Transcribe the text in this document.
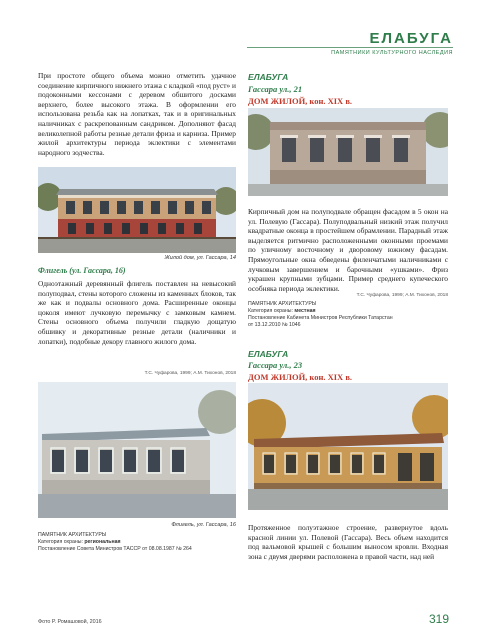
ЕЛАБУГА
ПАМЯТНИКИ КУЛЬТУРНОГО НАСЛЕДИЯ
При простоте общего объема можно отметить удачное соединение кирпичного нижнего этажа с кладкой «под руст» и подоконными кессонами с деревом обшитого досками верхнего, более высокого этажа. В оформлении его использована резьба как на лопатках, так и в оригинальных наличниках с раскрепованным сандриком. Дополняют фасад великолепной работы резные детали фриза и карниза. Пример жилой архитектуры периода эклектики с элементами народного зодчества.
Жилой дом, ул. Гассара, 14
Флигель (ул. Гассара, 16)
Одноэтажный деревянный флигель поставлен на невысокий полуподвал, стены которого сложены из каменных блоков, так же как и подвалы основного дома. Расширенные оконцы цоколя имеют лучковую перемычку с замковым камнем. Стены основного объема получили гладкую дощатую обшивку и декоративные резные детали (наличники и лопатки), подобные декору главного жилого дома.
Т.С. Чуфарова, 1999; А.М. Тихонов, 2018
Флигель, ул. Гассара, 16
ПАМЯТНИК АРХИТЕКТУРЫ
Категория охраны: региональная
Постановление Совета Министров ТАССР от 08.08.1987 № 264
ЕЛАБУГА
Гассара ул., 21
ДОМ ЖИЛОЙ, кон. XIX в.
Кирпичный дом на полуподвале обращен фасадом в 5 окон на ул. Полевую (Гассара). Полуподвальный низкий этаж получил квадратные оконца в простейшем обрамлении. Парадный этаж выделяется ритмично расположенными оконными проемами по уличному восточному и дворовому южному фасадам. Прямоугольные окна обведены филенчатыми наличниками с лучковым завершением и барочными «ушками». Фриз украшен крупными зубцами. Пример среднего купеческого особняка периода эклектики.
Т.С. Чуфарова, 1999; А.М. Тихонов, 2018
ПАМЯТНИК АРХИТЕКТУРЫ
Категория охраны: местная
Постановление Кабинета Министров Республики Татарстан
от 13.12.2010 № 1046
ЕЛАБУГА
Гассара ул., 23
ДОМ ЖИЛОЙ, кон. XIX в.
Протяженное полуэтажное строение, развернутое вдоль красной линии ул. Полевой (Гассара). Весь объем находится под вальмовой крышей с большим выносом кровли. Входная зона с двумя дверями расположена в правой части, над ней
Фото Р. Ромашовой, 2016	319
